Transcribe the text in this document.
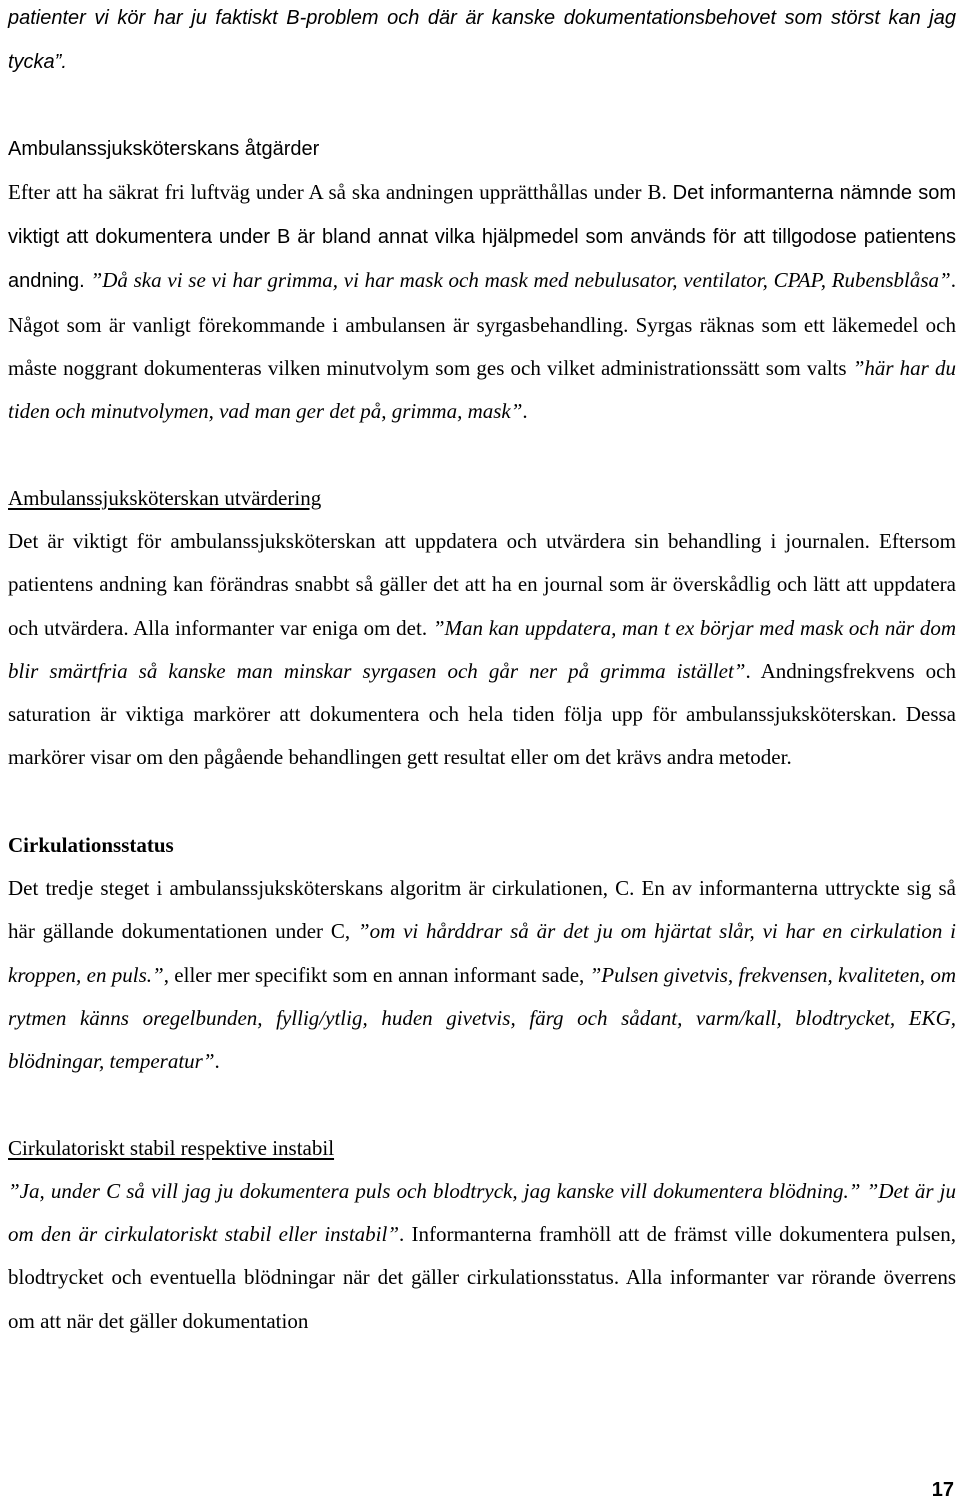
patienter vi kör har ju faktiskt B-problem och där är kanske dokumentationsbehovet som störst kan jag tycka”.

Ambulanssjuksköterskans åtgärder

Efter att ha säkrat fri luftväg under A så ska andningen upprätthållas under B. Det informanterna nämnde som viktigt att dokumentera under B är bland annat vilka hjälpmedel som används för att tillgodose patientens andning. ”Då ska vi se vi har grimma, vi har mask och mask med nebulusator, ventilator, CPAP, Rubensblåsa”. Något som är vanligt förekommande i ambulansen är syrgasbehandling. Syrgas räknas som ett läkemedel och måste noggrant dokumenteras vilken minutvolym som ges och vilket administrationssätt som valts ”här har du tiden och minutvolymen, vad man ger det på, grimma, mask”.

Ambulanssjuksköterskan utvärdering

Det är viktigt för ambulanssjuksköterskan att uppdatera och utvärdera sin behandling i journalen. Eftersom patientens andning kan förändras snabbt så gäller det att ha en journal som är överskådlig och lätt att uppdatera och utvärdera. Alla informanter var eniga om det. ”Man kan uppdatera, man t ex börjar med mask och när dom blir smärtfria så kanske man minskar syrgasen och går ner på grimma istället”. Andningsfrekvens och saturation är viktiga markörer att dokumentera och hela tiden följa upp för ambulanssjuksköterskan. Dessa markörer visar om den pågående behandlingen gett resultat eller om det krävs andra metoder.

Cirkulationsstatus

Det tredje steget i ambulanssjuksköterskans algoritm är cirkulationen, C. En av informanterna uttryckte sig så här gällande dokumentationen under C, ”om vi hårddrar så är det ju om hjärtat slår, vi har en cirkulation i kroppen, en puls.”, eller mer specifikt som en annan informant sade, ”Pulsen givetvis, frekvensen, kvaliteten, om rytmen känns oregelbunden, fyllig/ytlig, huden givetvis, färg och sådant, varm/kall, blodtrycket, EKG, blödningar, temperatur”.

Cirkulatoriskt stabil respektive instabil

”Ja, under C så vill jag ju dokumentera puls och blodtryck, jag kanske vill dokumentera blödning.” ”Det är ju om den är cirkulatoriskt stabil eller instabil”. Informanterna framhöll att de främst ville dokumentera pulsen, blodtrycket och eventuella blödningar när det gäller cirkulationsstatus. Alla informanter var rörande överrens om att när det gäller dokumentation

17
